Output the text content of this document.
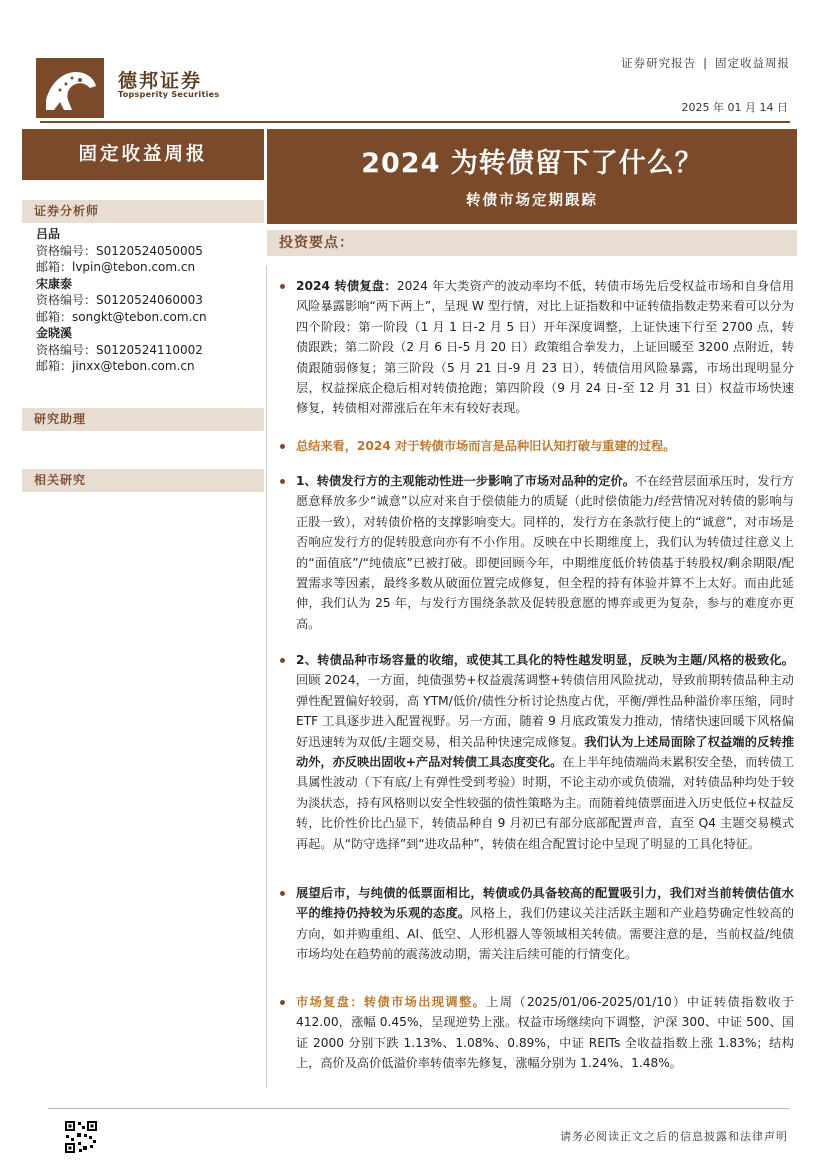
德邦证券
Topsperity Securities
证券研究报告 | 固定收益周报
2025 年 01 月 14 日
固定收益周报
证券分析师
吕品
资格编号：S0120524050005
邮箱：lvpin@tebon.com.cn
宋康泰
资格编号：S0120524060003
邮箱：songkt@tebon.com.cn
金晓溪
资格编号：S0120524110002
邮箱：jinxx@tebon.com.cn
研究助理
相关研究
2024 为转债留下了什么？
转债市场定期跟踪
投资要点：
2024 转债复盘：2024 年大类资产的波动率均不低，转债市场先后受权益市场和自身信用风险暴露影响“两下两上”，呈现 W 型行情，对比上证指数和中证转债指数走势来看可以分为四个阶段：第一阶段（1 月 1 日-2 月 5 日）开年深度调整，上证快速下行至 2700 点，转债跟跌；第二阶段（2 月 6 日-5 月 20 日）政策组合拳发力，上证回暖至 3200 点附近，转债跟随弱修复；第三阶段（5 月 21 日-9 月 23 日），转债信用风险暴露，市场出现明显分层，权益探底企稳后相对转债抢跑；第四阶段（9 月 24 日-至 12 月 31 日）权益市场快速修复，转债相对滞涨后在年末有较好表现。
总结来看，2024 对于转债市场而言是品种旧认知打破与重建的过程。
1、转债发行方的主观能动性进一步影响了市场对品种的定价。不在经营层面承压时，发行方愿意释放多少“诚意”以应对来自于偿债能力的质疑（此时偿债能力/经营情况对转债的影响与正股一致），对转债价格的支撑影响变大。同样的，发行方在条款行使上的“诚意”，对市场是否响应发行方的促转股意向亦有不小作用。反映在中长期维度上，我们认为转债过往意义上的“面值底”/“纯债底”已被打破。即便回顾今年，中期维度低价转债基于转股权/剩余期限/配置需求等因素，最终多数从破面位置完成修复，但全程的持有体验并算不上太好。而由此延伸，我们认为 25 年，与发行方围绕条款及促转股意愿的博弈或更为复杂，参与的难度亦更高。
2、转债品种市场容量的收缩，或使其工具化的特性越发明显，反映为主题/风格的极致化。回顾 2024，一方面，纯债强势+权益震荡调整+转债信用风险扰动，导致前期转债品种主动弹性配置偏好较弱，高 YTM/低价/债性分析讨论热度占优，平衡/弹性品种溢价率压缩，同时 ETF 工具逐步进入配置视野。另一方面，随着 9 月底政策发力推动，情绪快速回暖下风格偏好迅速转为双低/主题交易，相关品种快速完成修复。我们认为上述局面除了权益端的反转推动外，亦反映出固收+产品对转债工具态度变化。在上半年纯债端尚未累积安全垫，而转债工具属性波动（下有底/上有弹性受到考验）时期，不论主动亦或负债端，对转债品种均处于较为淡状态，持有风格则以安全性较强的债性策略为主。而随着纯债票面进入历史低位+权益反转，比价性价比凸显下，转债品种自 9 月初已有部分底部配置声音，直至 Q4 主题交易模式再起。从“防守选择”到“进攻品种”，转债在组合配置讨论中呈现了明显的工具化特征。
展望后市，与纯债的低票面相比，转债或仍具备较高的配置吸引力，我们对当前转债估值水平的维持仍持较为乐观的态度。风格上，我们仍建议关注活跃主题和产业趋势确定性较高的方向，如并购重组、AI、低空、人形机器人等领域相关转债。需要注意的是，当前权益/纯债市场均处在趋势前的震荡波动期，需关注后续可能的行情变化。
市场复盘：转债市场出现调整。上周（2025/01/06-2025/01/10）中证转债指数收于 412.00，涨幅 0.45%，呈现逆势上涨。权益市场继续向下调整，沪深 300、中证 500、国证 2000 分别下跌 1.13%、1.08%、0.89%，中证 REITs 全收益指数上涨 1.83%；结构上，高价及高价低溢价率转债率先修复，涨幅分别为 1.24%、1.48%。
请务必阅读正文之后的信息披露和法律声明
